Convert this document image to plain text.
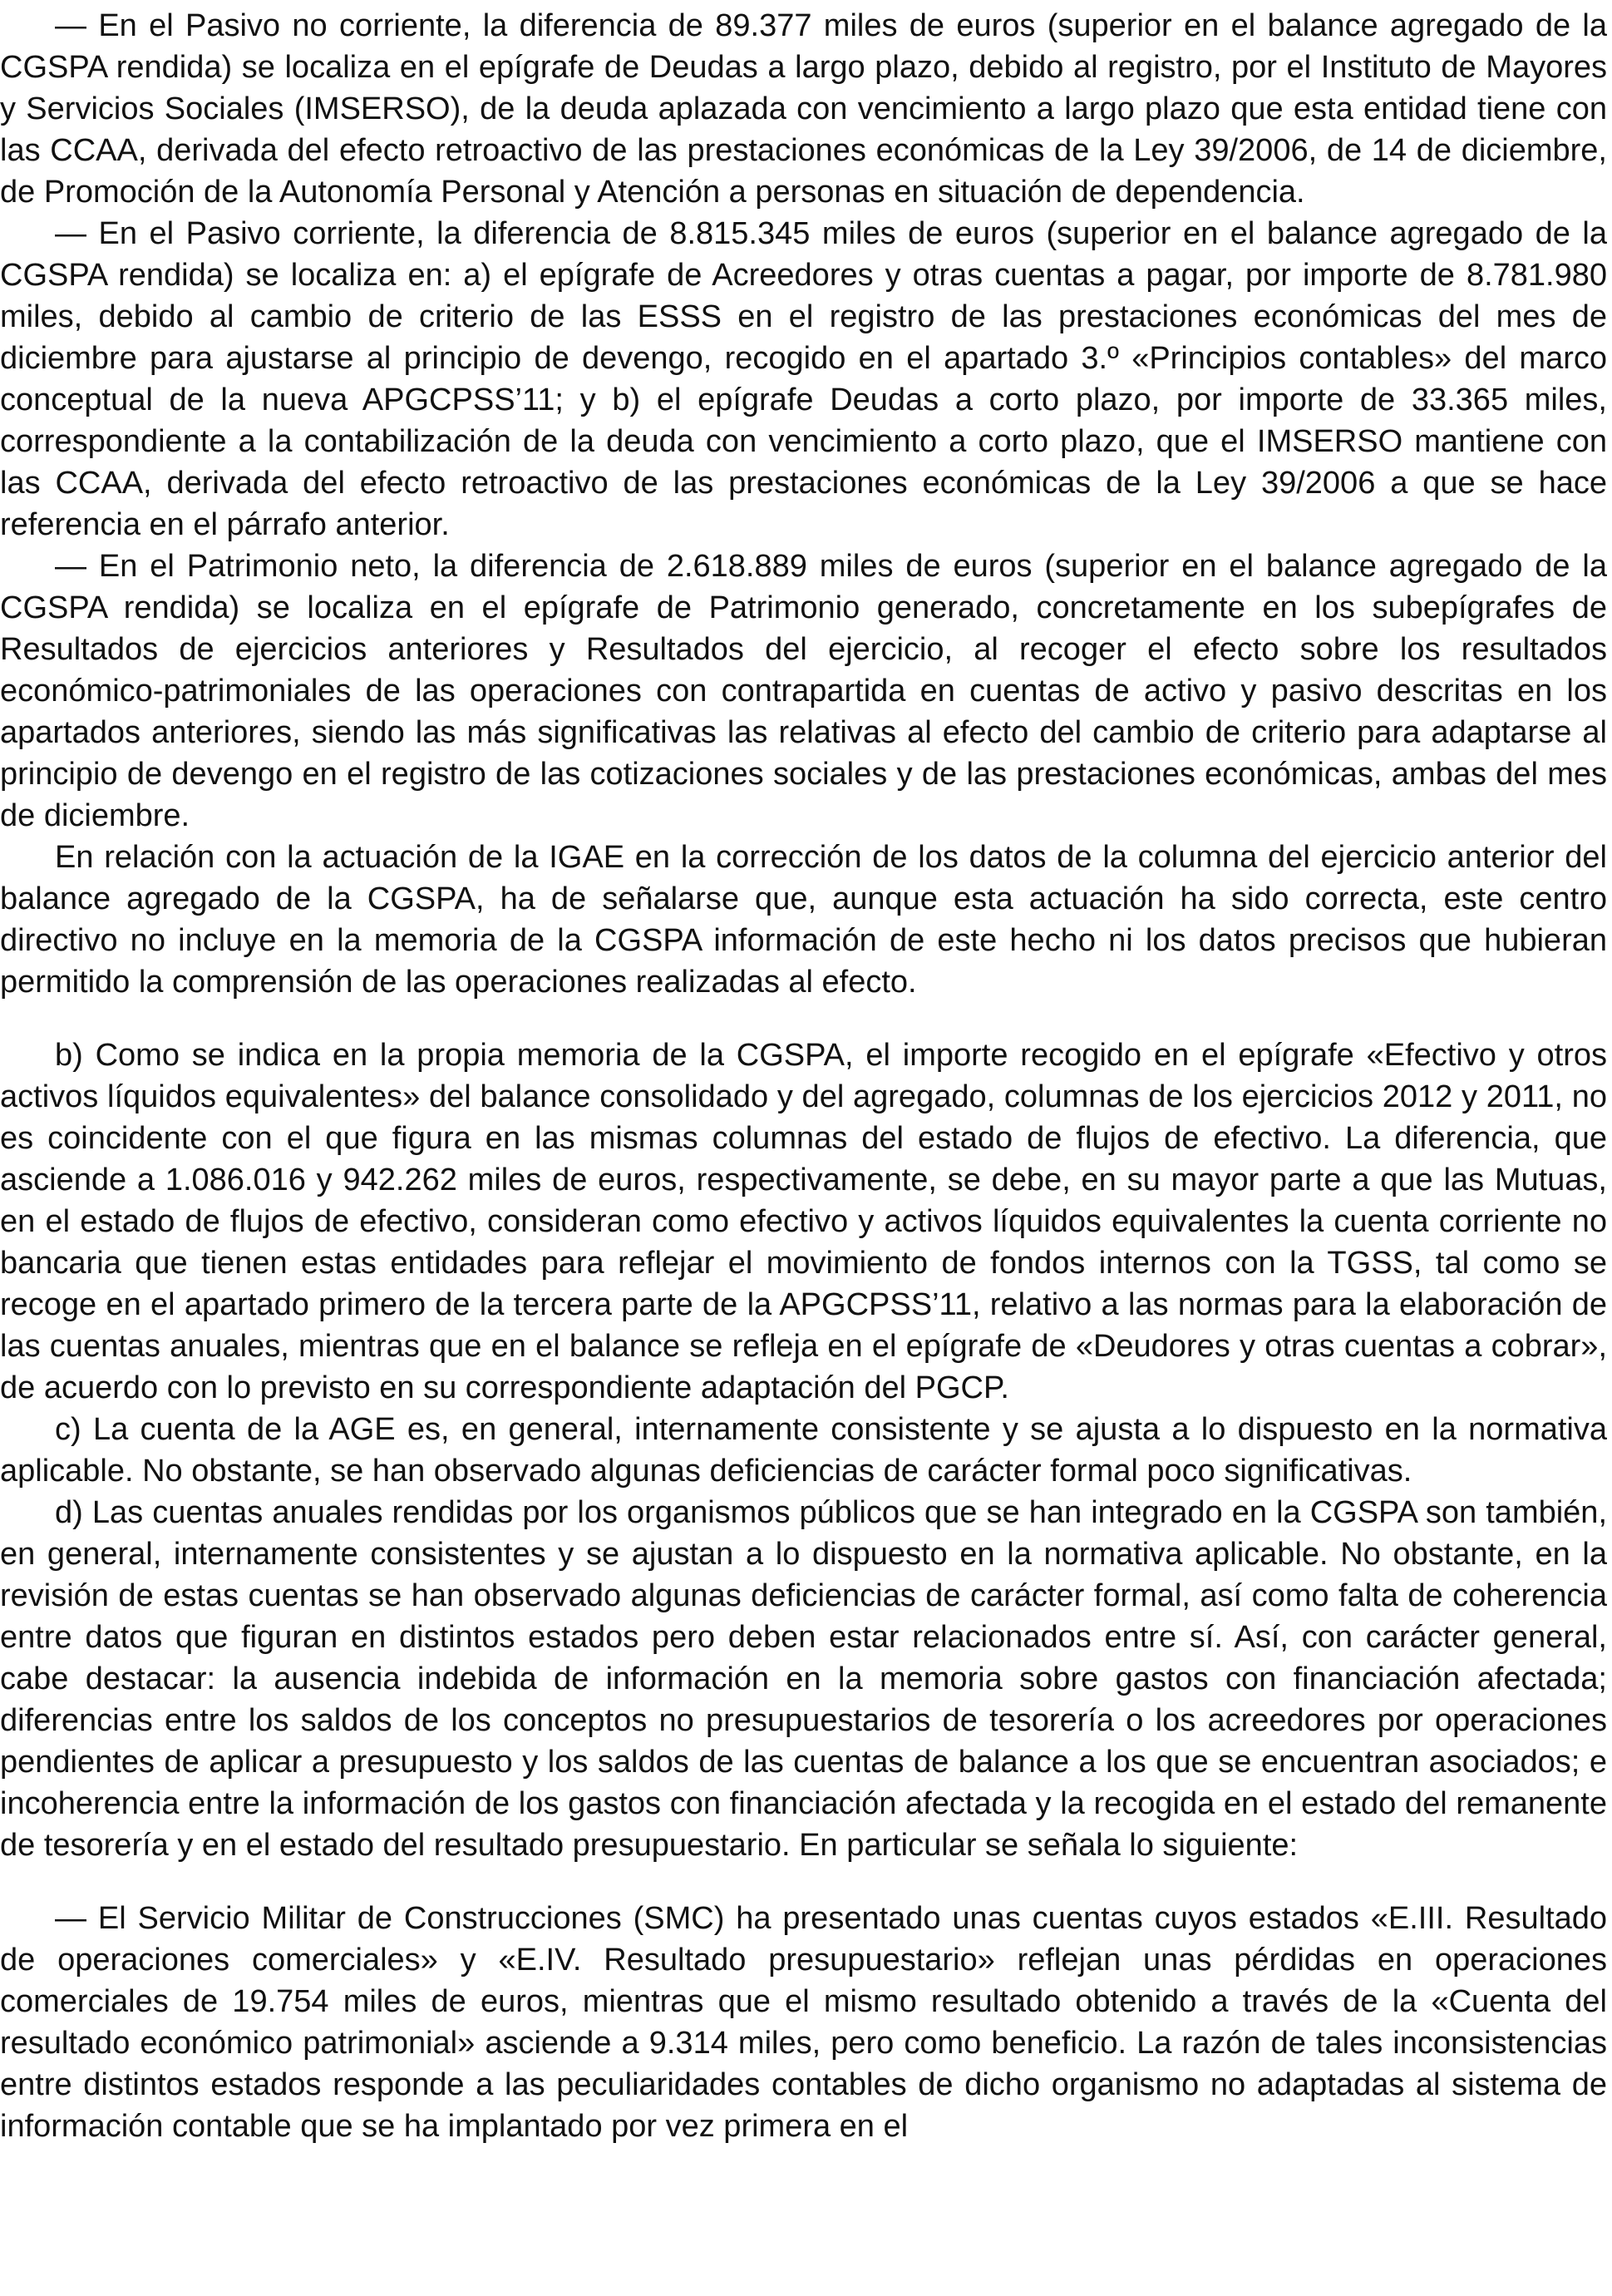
— En el Pasivo no corriente, la diferencia de 89.377 miles de euros (superior en el balance agregado de la CGSPA rendida) se localiza en el epígrafe de Deudas a largo plazo, debido al registro, por el Instituto de Mayores y Servicios Sociales (IMSERSO), de la deuda aplazada con vencimiento a largo plazo que esta entidad tiene con las CCAA, derivada del efecto retroactivo de las prestaciones económicas de la Ley 39/2006, de 14 de diciembre, de Promoción de la Autonomía Personal y Atención a personas en situación de dependencia.

— En el Pasivo corriente, la diferencia de 8.815.345 miles de euros (superior en el balance agregado de la CGSPA rendida) se localiza en: a) el epígrafe de Acreedores y otras cuentas a pagar, por importe de 8.781.980 miles, debido al cambio de criterio de las ESSS en el registro de las prestaciones económicas del mes de diciembre para ajustarse al principio de devengo, recogido en el apartado 3.º «Principios contables» del marco conceptual de la nueva APGCPSS’11; y b) el epígrafe Deudas a corto plazo, por importe de 33.365 miles, correspondiente a la contabilización de la deuda con vencimiento a corto plazo, que el IMSERSO mantiene con las CCAA, derivada del efecto retroactivo de las prestaciones económicas de la Ley 39/2006 a que se hace referencia en el párrafo anterior.

— En el Patrimonio neto, la diferencia de 2.618.889 miles de euros (superior en el balance agregado de la CGSPA rendida) se localiza en el epígrafe de Patrimonio generado, concretamente en los subepígrafes de Resultados de ejercicios anteriores y Resultados del ejercicio, al recoger el efecto sobre los resultados económico-patrimoniales de las operaciones con contrapartida en cuentas de activo y pasivo descritas en los apartados anteriores, siendo las más significativas las relativas al efecto del cambio de criterio para adaptarse al principio de devengo en el registro de las cotizaciones sociales y de las prestaciones económicas, ambas del mes de diciembre.

En relación con la actuación de la IGAE en la corrección de los datos de la columna del ejercicio anterior del balance agregado de la CGSPA, ha de señalarse que, aunque esta actuación ha sido correcta, este centro directivo no incluye en la memoria de la CGSPA información de este hecho ni los datos precisos que hubieran permitido la comprensión de las operaciones realizadas al efecto.

b) Como se indica en la propia memoria de la CGSPA, el importe recogido en el epígrafe «Efectivo y otros activos líquidos equivalentes» del balance consolidado y del agregado, columnas de los ejercicios 2012 y 2011, no es coincidente con el que figura en las mismas columnas del estado de flujos de efectivo. La diferencia, que asciende a 1.086.016 y 942.262 miles de euros, respectivamente, se debe, en su mayor parte a que las Mutuas, en el estado de flujos de efectivo, consideran como efectivo y activos líquidos equivalentes la cuenta corriente no bancaria que tienen estas entidades para reflejar el movimiento de fondos internos con la TGSS, tal como se recoge en el apartado primero de la tercera parte de la APGCPSS’11, relativo a las normas para la elaboración de las cuentas anuales, mientras que en el balance se refleja en el epígrafe de «Deudores y otras cuentas a cobrar», de acuerdo con lo previsto en su correspondiente adaptación del PGCP.

c) La cuenta de la AGE es, en general, internamente consistente y se ajusta a lo dispuesto en la normativa aplicable. No obstante, se han observado algunas deficiencias de carácter formal poco significativas.

d) Las cuentas anuales rendidas por los organismos públicos que se han integrado en la CGSPA son también, en general, internamente consistentes y se ajustan a lo dispuesto en la normativa aplicable. No obstante, en la revisión de estas cuentas se han observado algunas deficiencias de carácter formal, así como falta de coherencia entre datos que figuran en distintos estados pero deben estar relacionados entre sí. Así, con carácter general, cabe destacar: la ausencia indebida de información en la memoria sobre gastos con financiación afectada; diferencias entre los saldos de los conceptos no presupuestarios de tesorería o los acreedores por operaciones pendientes de aplicar a presupuesto y los saldos de las cuentas de balance a los que se encuentran asociados; e incoherencia entre la información de los gastos con financiación afectada y la recogida en el estado del remanente de tesorería y en el estado del resultado presupuestario. En particular se señala lo siguiente:

— El Servicio Militar de Construcciones (SMC) ha presentado unas cuentas cuyos estados «E.III. Resultado de operaciones comerciales» y «E.IV. Resultado presupuestario» reflejan unas pérdidas en operaciones comerciales de 19.754 miles de euros, mientras que el mismo resultado obtenido a través de la «Cuenta del resultado económico patrimonial» asciende a 9.314 miles, pero como beneficio. La razón de tales inconsistencias entre distintos estados responde a las peculiaridades contables de dicho organismo no adaptadas al sistema de información contable que se ha implantado por vez primera en el
